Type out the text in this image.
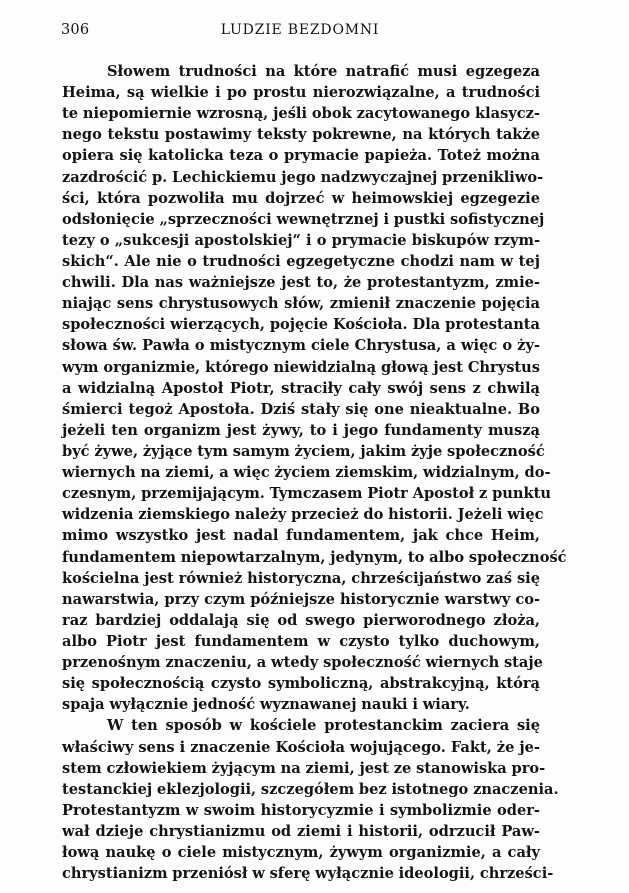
306	LUDZIE BEZDOMNI
Słowem trudności na które natrafić musi egzegeza
Heima, są wielkie i po prostu nierozwiązalne, a trudności
te niepomiernie wzrosną, jeśli obok zacytowanego klasycz-
nego tekstu postawimy teksty pokrewne, na których także
opiera się katolicka teza o prymacie papieża. Toteż można
zazdrościć p. Lechickiemu jego nadzwyczajnej przenikliwo-
ści, która pozwoliła mu dojrzeć w heimowskiej egzegezie
odsłonięcie „sprzeczności wewnętrznej i pustki sofistycznej
tezy o „sukcesji apostolskiej“ i o prymacie biskupów rzym-
skich“. Ale nie o trudności egzegetyczne chodzi nam w tej
chwili. Dla nas ważniejsze jest to, że protestantyzm, zmie-
niając sens chrystusowych słów, zmienił znaczenie pojęcia
społeczności wierzących, pojęcie Kościoła. Dla protestanta
słowa św. Pawła o mistycznym ciele Chrystusa, a więc o ży-
wym organizmie, którego niewidzialną głową jest Chrystus
a widzialną Apostoł Piotr, straciły cały swój sens z chwilą
śmierci tegoż Apostoła. Dziś stały się one nieaktualne. Bo
jeżeli ten organizm jest żywy, to i jego fundamenty muszą
być żywe, żyjące tym samym życiem, jakim żyje społeczność
wiernych na ziemi, a więc życiem ziemskim, widzialnym, do-
czesnym, przemijającym. Tymczasem Piotr Apostoł z punktu
widzenia ziemskiego należy przecież do historii. Jeżeli więc
mimo wszystko jest nadal fundamentem, jak chce Heim,
fundamentem niepowtarzalnym, jedynym, to albo społeczność
kościelna jest również historyczna, chrześcijaństwo zaś się
nawarstwia, przy czym późniejsze historycznie warstwy co-
raz bardziej oddalają się od swego pierworodnego złoża,
albo Piotr jest fundamentem w czysto tylko duchowym,
przenośnym znaczeniu, a wtedy społeczność wiernych staje
się społecznością czysto symboliczną, abstrakcyjną, którą
spaja wyłącznie jedność wyznawanej nauki i wiary.
W ten sposób w kościele protestanckim zaciera się
właściwy sens i znaczenie Kościoła wojującego. Fakt, że je-
stem człowiekiem żyjącym na ziemi, jest ze stanowiska pro-
testanckiej eklezjologii, szczegółem bez istotnego znaczenia.
Protestantyzm w swoim historycyzmie i symbolizmie oder-
wał dzieje chrystianizmu od ziemi i historii, odrzucił Paw-
łową naukę o ciele mistycznym, żywym organizmie, a cały
chrystianizm przeniósł w sferę wyłącznie ideologii, chrześci-
